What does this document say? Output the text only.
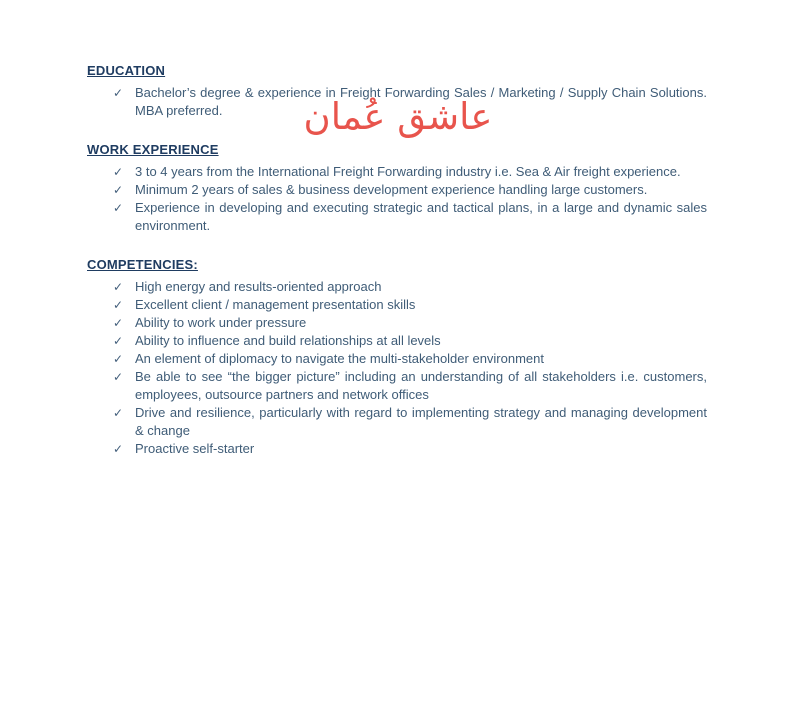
EDUCATION
✓ Bachelor’s degree & experience in Freight Forwarding Sales / Marketing / Supply Chain Solutions. MBA preferred.
WORK EXPERIENCE
✓ 3 to 4 years from the International Freight Forwarding industry i.e. Sea & Air freight experience.
✓ Minimum 2 years of sales & business development experience handling large customers.
✓ Experience in developing and executing strategic and tactical plans, in a large and dynamic sales environment.
COMPETENCIES:
✓ High energy and results-oriented approach
✓ Excellent client / management presentation skills
✓ Ability to work under pressure
✓ Ability to influence and build relationships at all levels
✓ An element of diplomacy to navigate the multi-stakeholder environment
✓ Be able to see “the bigger picture” including an understanding of all stakeholders i.e. customers, employees, outsource partners and network offices
✓ Drive and resilience, particularly with regard to implementing strategy and managing development & change
✓ Proactive self-starter
عاشق عُمان
